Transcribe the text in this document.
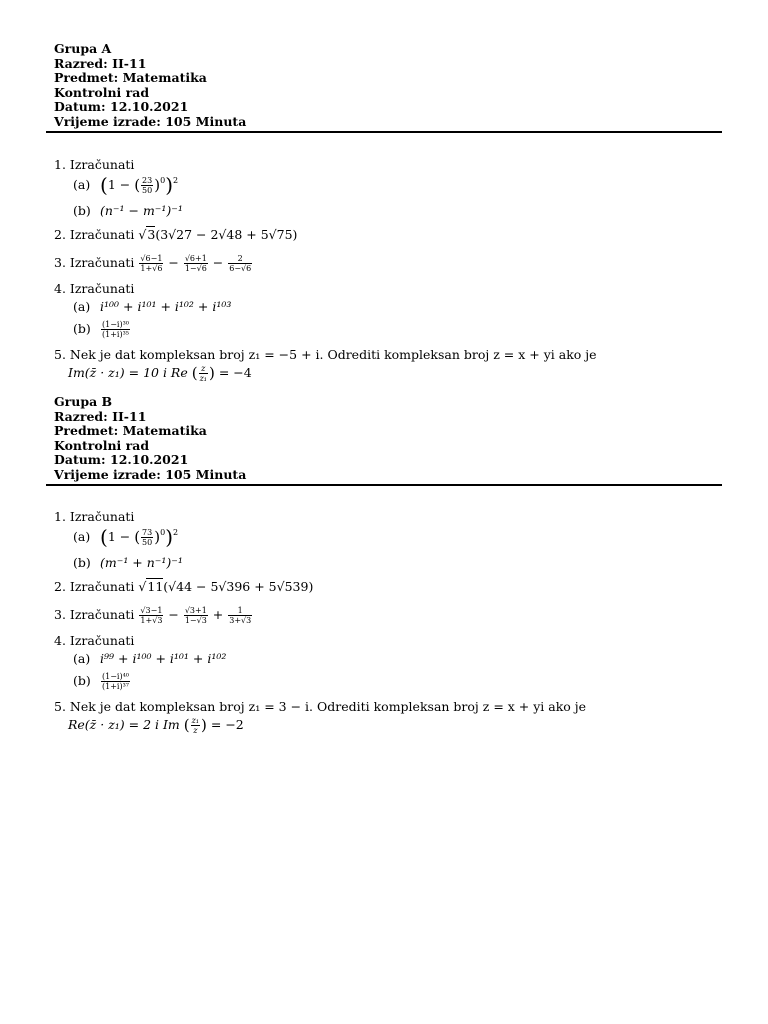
Grupa A
Razred: II-11
Predmet: Matematika
Kontrolni rad
Datum: 12.10.2021
Vrijeme izrade: 105 Minuta
1. Izračunati
(a) (1 − ( $\frac{23}{50} )^0)^2$
(b) (n⁻¹ − m⁻¹)⁻¹
2. Izračunati √3(3√27 − 2√48 + 5√75)
3. Izračunati $\frac{√6-1}{1+√6} - \frac{√6+1}{1-√6} - \frac{2}{6-√6}$
4. Izračunati
(a) i¹⁰⁰ + i¹⁰¹ + i¹⁰² + i¹⁰³
$(b) \frac{\text{(1−i)³⁰}}{\text{(1+i)³⁵}}$
5. Nek je dat kompleksan broj z₁ = −5 + i. Odrediti kompleksan broj z = x + yi ako je
Im(z̄ · z₁) = 10 i Re ( $\frac{z}{\text{z₁}}$ ) = −4
Grupa B
Razred: II-11
Predmet: Matematika
Kontrolni rad
Datum: 12.10.2021
Vrijeme izrade: 105 Minuta
1. Izračunati
(a) (1 − ( $\frac{73}{50} )^0)^2$
(b) (m⁻¹ + n⁻¹)⁻¹
2. Izračunati √11(√44 − 5√396 + 5√539)
3. Izračunati $\frac{√3-1}{1+√3} - \frac{√3+1}{1-√3} + \frac{1}{3+√3}$
4. Izračunati
(a) i⁹⁹ + i¹⁰⁰ + i¹⁰¹ + i¹⁰²
$(b) \frac{\text{(1−i)⁴⁰}}{\text{(1+i)³⁷}}$
5. Nek je dat kompleksan broj z₁ = 3 − i. Odrediti kompleksan broj z = x + yi ako je
Re(z̄ · z₁) = 2 i Im ( $\frac{\text{z₁}}{z}$ ) = −2
